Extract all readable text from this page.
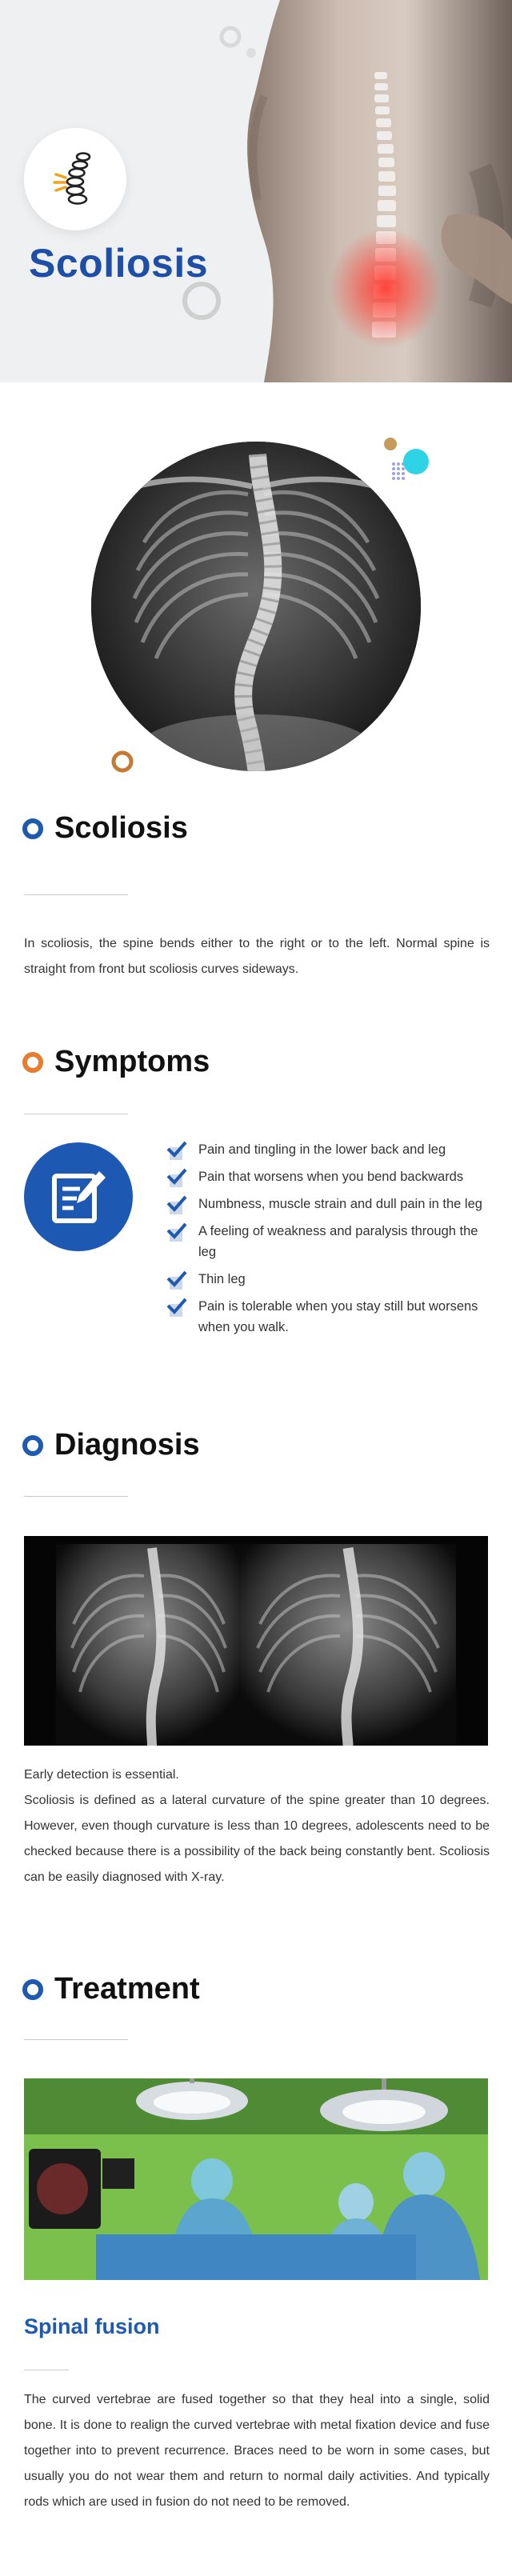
Scoliosis
Scoliosis

In scoliosis, the spine bends either to the right or to the left. Normal spine is straight from front but scoliosis curves sideways.

Symptoms
Pain and tingling in the lower back and leg
Pain that worsens when you bend backwards
Numbness, muscle strain and dull pain in the leg
A feeling of weakness and paralysis through the leg
Thin leg
Pain is tolerable when you stay still but worsens when you walk.
Diagnosis

Early detection is essential.

Scoliosis is defined as a lateral curvature of the spine greater than 10 degrees. However, even though curvature is less than 10 degrees, adolescents need to be checked because there is a possibility of the back being constantly bent. Scoliosis can be easily diagnosed with X-ray.

Treatment
Spinal fusion

The curved vertebrae are fused together so that they heal into a single, solid bone. It is done to realign the curved vertebrae with metal fixation device and fuse together into to prevent recurrence. Braces need to be worn in some cases, but usually you do not wear them and return to normal daily activities. And typically rods which are used in fusion do not need to be removed.
